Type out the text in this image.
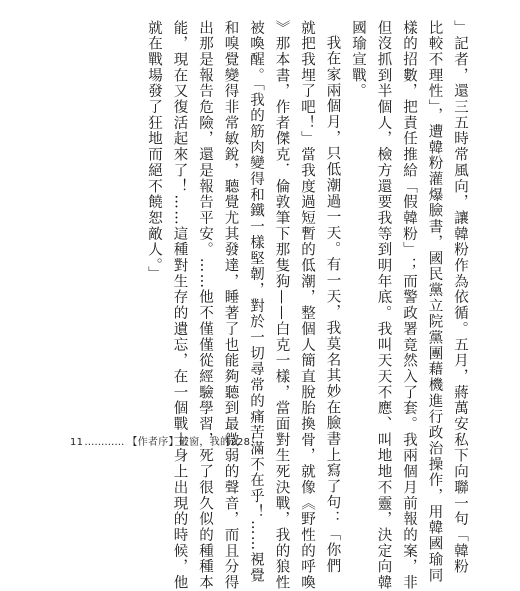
」記者，還三五時常風向，讓韓粉作為依循。五月，蔣萬安私下向聯一句「韓粉
比較不理性」，遭韓粉灌爆臉書，國民黨立院黨團藉機進行政治操作，用韓國瑜同
樣的招數，把責任推給「假韓粉」；而警政署竟然入了套。我兩個月前報的案，非
但沒抓到半個人，檢方還要我等到明年底。我叫天天不應、叫地地不靈，決定向韓
國瑜宣戰。
我在家兩個月，只低潮過一天。有一天，我莫名其妙在臉書上寫了句：「你們
就把我埋了吧！」當我度過短暫的低潮，整個人簡直脫胎換骨，就像《野性的呼喚
》那本書，作者傑克．倫敦筆下那隻狗——白克一樣，當面對生死決戰，我的狼性
被喚醒。「我的筋肉變得和鐵一樣堅韌，對於一切尋常的痛苦滿不在乎！……視覺
和嗅覺變得非常敏銳，聽覺尤其發達，睡著了也能夠聽到最微弱的聲音，而且分得
出那是報告危險，還是報告平安。……他不僅僅從經驗學習，死了很久似的種種本
能，現在又復活起來了！……這種對生存的遺忘，在一個戰士身上出現的時候，他
就在戰場發了狂地而絕不饒恕敵人。」
11………… 【作者序】破窗，我的228！
